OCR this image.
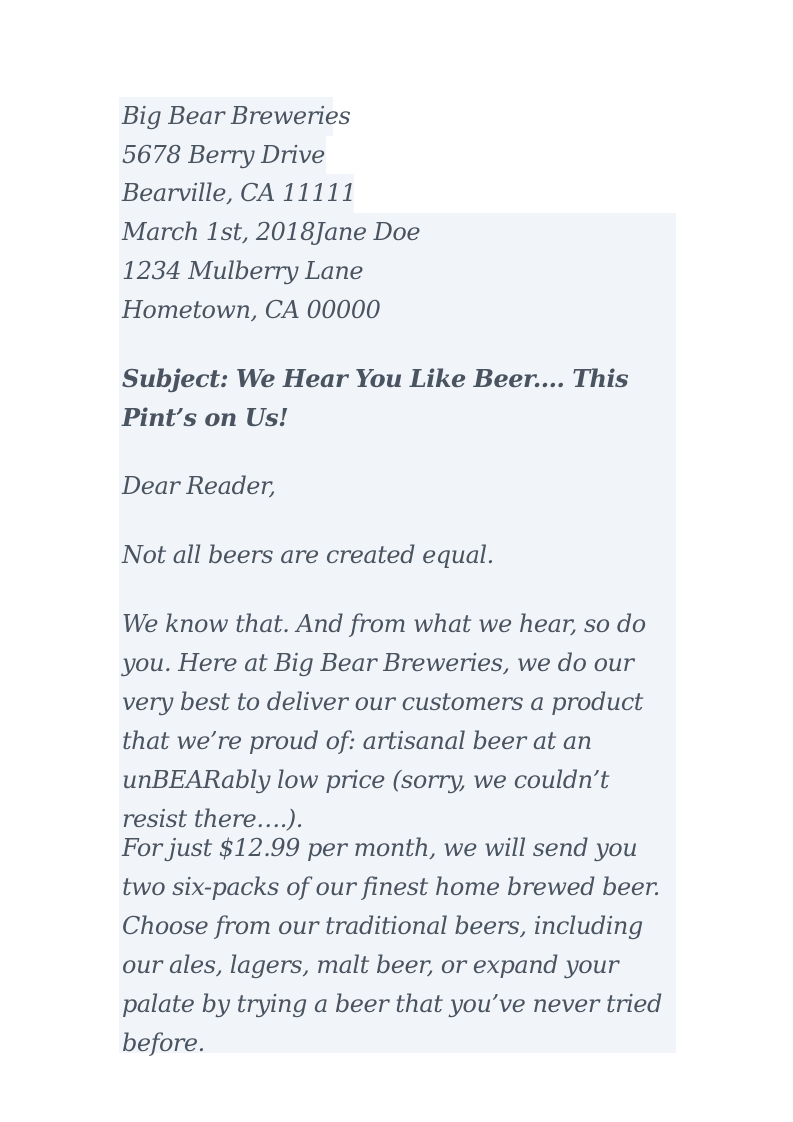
Big Bear Breweries
5678 Berry Drive
Bearville, CA 11111

March 1st, 2018Jane Doe

1234 Mulberry Lane

Hometown, CA 00000

Subject: We Hear You Like Beer.... This Pint’s on Us!

Dear Reader,

Not all beers are created equal.

We know that. And from what we hear, so do you. Here at Big Bear Breweries, we do our very best to deliver our customers a product that we’re proud of: artisanal beer at an unBEARably low price (sorry, we couldn’t resist there….).

For just $12.99 per month, we will send you two six-packs of our finest home brewed beer. Choose from our traditional beers, including our ales, lagers, malt beer, or expand your palate by trying a beer that you’ve never tried before.
